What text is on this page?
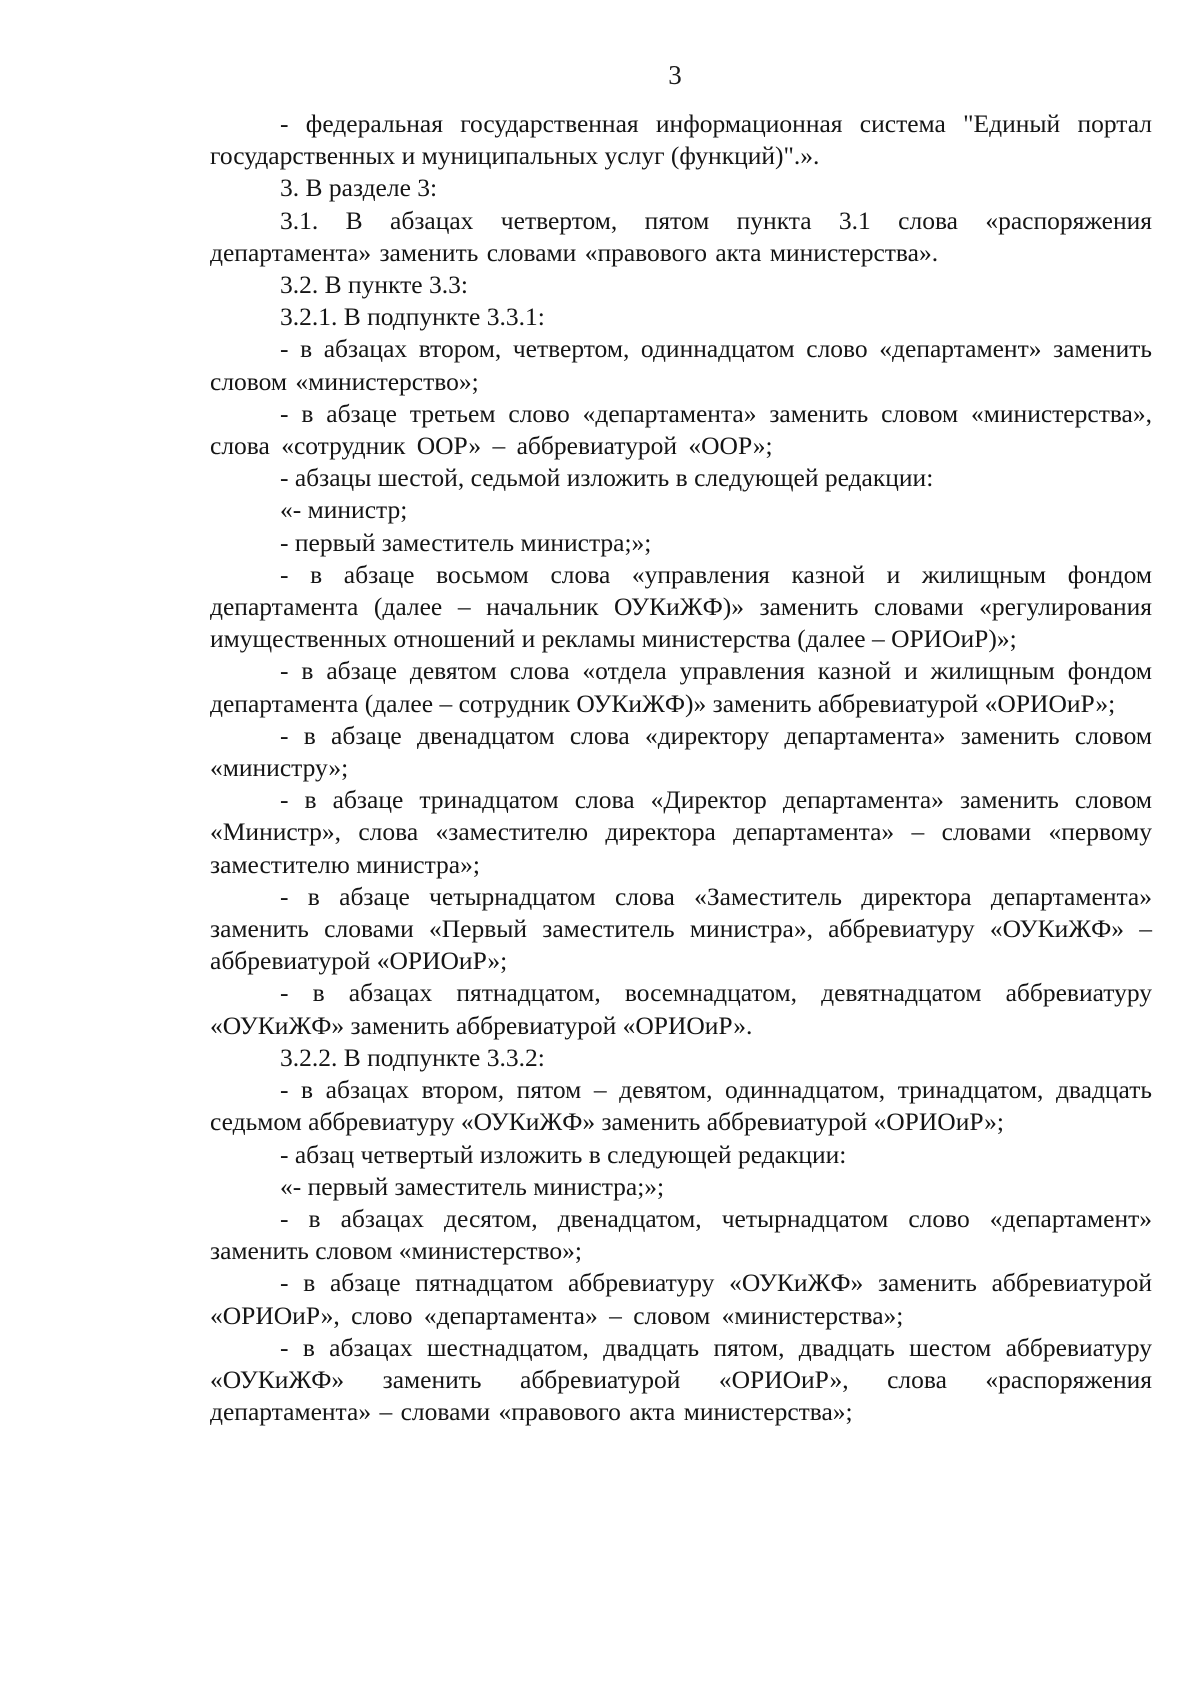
3

- федеральная государственная информационная система "Единый портал государственных и муниципальных услуг (функций)".».

3. В разделе 3:

3.1. В абзацах четвертом, пятом пункта 3.1 слова «распоряжения департамента» заменить словами «правового акта министерства».

3.2. В пункте 3.3:

3.2.1. В подпункте 3.3.1:

- в абзацах втором, четвертом, одиннадцатом слово «департамент» заменить словом «министерство»;

- в абзаце третьем слово «департамента» заменить словом «министерства», слова «сотрудник ООР» – аббревиатурой «ООР»;

- абзацы шестой, седьмой изложить в следующей редакции:

«- министр;

- первый заместитель министра;»;

- в абзаце восьмом слова «управления казной и жилищным фондом департамента (далее – начальник ОУКиЖФ)» заменить словами «регулирования имущественных отношений и рекламы министерства (далее – ОРИОиР)»;

- в абзаце девятом слова «отдела управления казной и жилищным фондом департамента (далее – сотрудник ОУКиЖФ)» заменить аббревиатурой «ОРИОиР»;

- в абзаце двенадцатом слова «директору департамента» заменить словом «министру»;

- в абзаце тринадцатом слова «Директор департамента» заменить словом «Министр», слова «заместителю директора департамента» – словами «первому заместителю министра»;

- в абзаце четырнадцатом слова «Заместитель директора департамента» заменить словами «Первый заместитель министра», аббревиатуру «ОУКиЖФ» – аббревиатурой «ОРИОиР»;

- в абзацах пятнадцатом, восемнадцатом, девятнадцатом аббревиатуру «ОУКиЖФ» заменить аббревиатурой «ОРИОиР».

3.2.2. В подпункте 3.3.2:

- в абзацах втором, пятом – девятом, одиннадцатом, тринадцатом, двадцать седьмом аббревиатуру «ОУКиЖФ» заменить аббревиатурой «ОРИОиР»;

- абзац четвертый изложить в следующей редакции:

«- первый заместитель министра;»;

- в абзацах десятом, двенадцатом, четырнадцатом слово «департамент» заменить словом «министерство»;

- в абзаце пятнадцатом аббревиатуру «ОУКиЖФ» заменить аббревиатурой «ОРИОиР», слово «департамента» – словом «министерства»;

- в абзацах шестнадцатом, двадцать пятом, двадцать шестом аббревиатуру «ОУКиЖФ» заменить аббревиатурой «ОРИОиР», слова «распоряжения департамента» – словами «правового акта министерства»;
